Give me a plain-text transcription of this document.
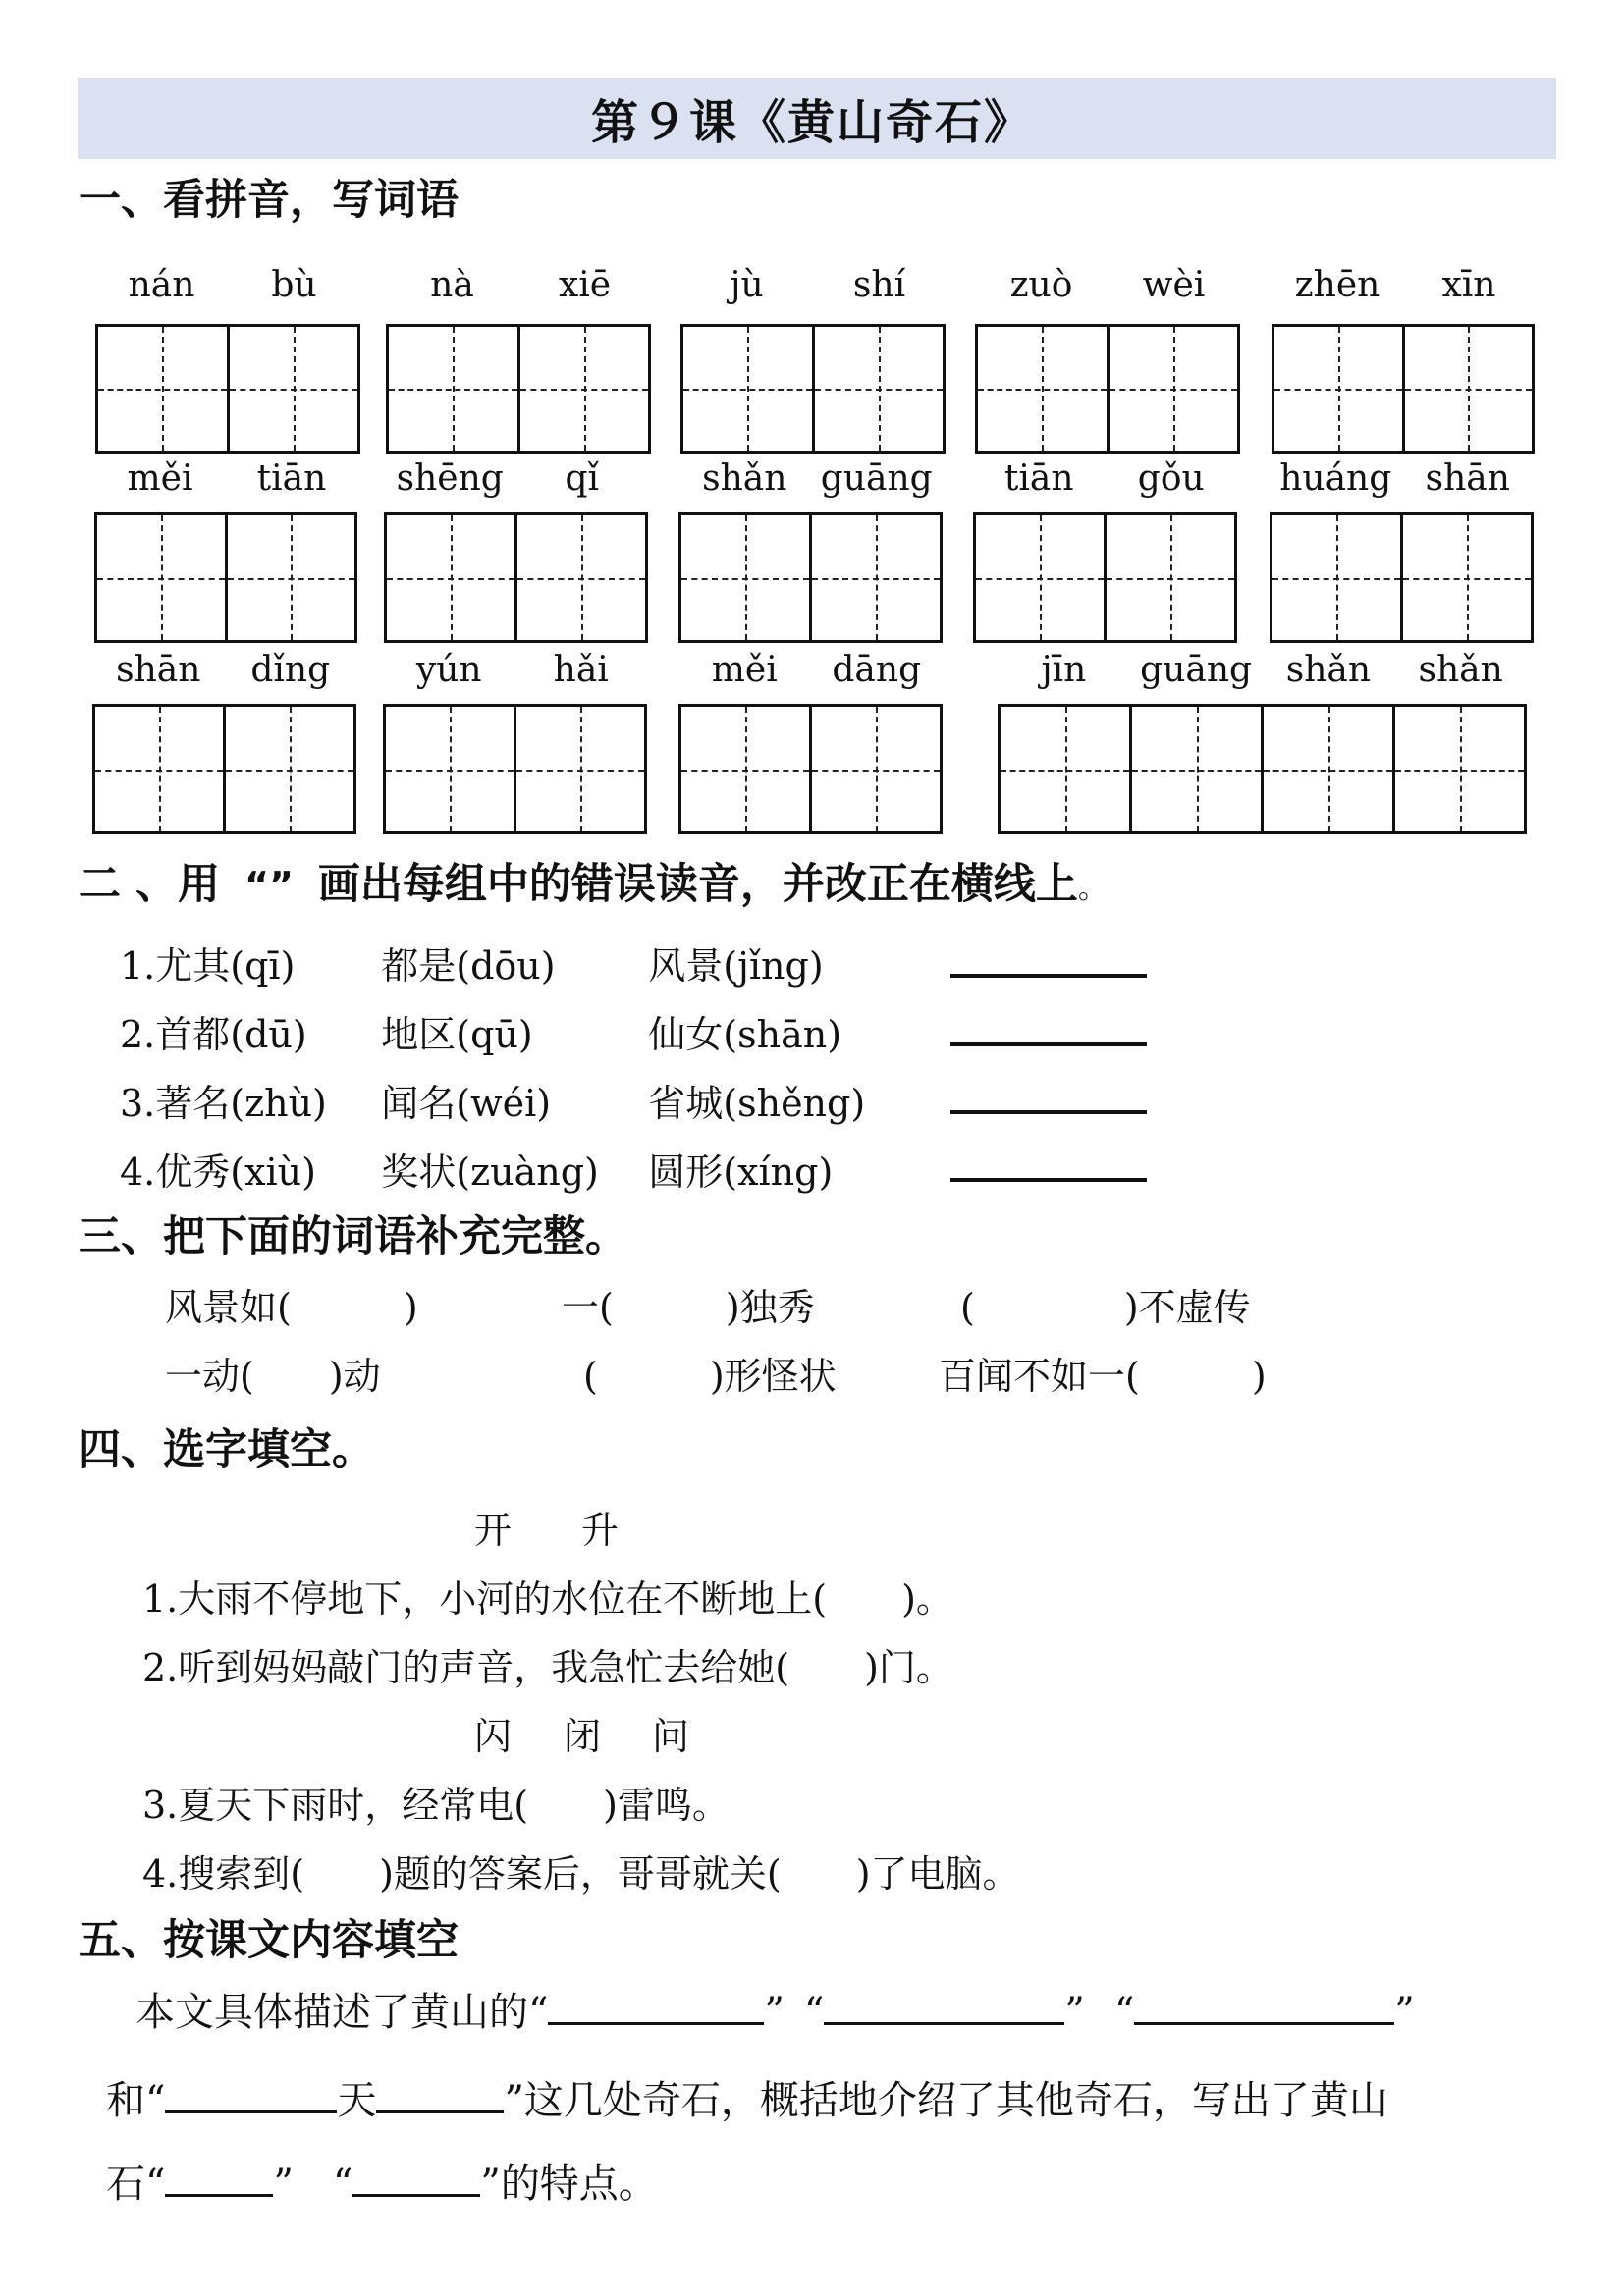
第９课《黄山奇石》
一、看拼音，写词语
nán	bù	nà	xiē	jù	shí	zuò	wèi	zhēn	xīn
měi	tiān	shēng	qǐ	shǎn guāng	tiān	gǒu	huáng shān
shān	dǐng	yún	hǎi	měi	dāng	jīn	guāng shǎn	shǎn
二 、用 “” 画出每组中的错误读音，并改正在横线上。
1.尤其(qī) 都是(dōu) 风景(jǐng)
2.首都(dū) 地区(qū)	仙女(shān)
3.著名(zhù) 闻名(wéi)	省城(shěng)
4.优秀(xiù) 奖状(zuàng) 圆形(xíng)
三、把下面的词语补充完整。
风景如(　　　)	一(　　　)独秀	(　　　　)不虚传
一动(　　)动	(　　　)形怪状	百闻不如一(　　　)
四、选字填空。
开 升
1.大雨不停地下，小河的水位在不断地上(　　)。
2.听到妈妈敲门的声音，我急忙去给她(　　)门。
闪 闭 问
3.夏天下雨时，经常电(　　)雷鸣。
4.搜索到(　　)题的答案后，哥哥就关(　　)了电脑。
五、按课文内容填空
本文具体描述了黄山的“	” “	” “	”
和“	天	”这几处奇石，概括地介绍了其他奇石，写出了黄山
石“	” “	”的特点。
